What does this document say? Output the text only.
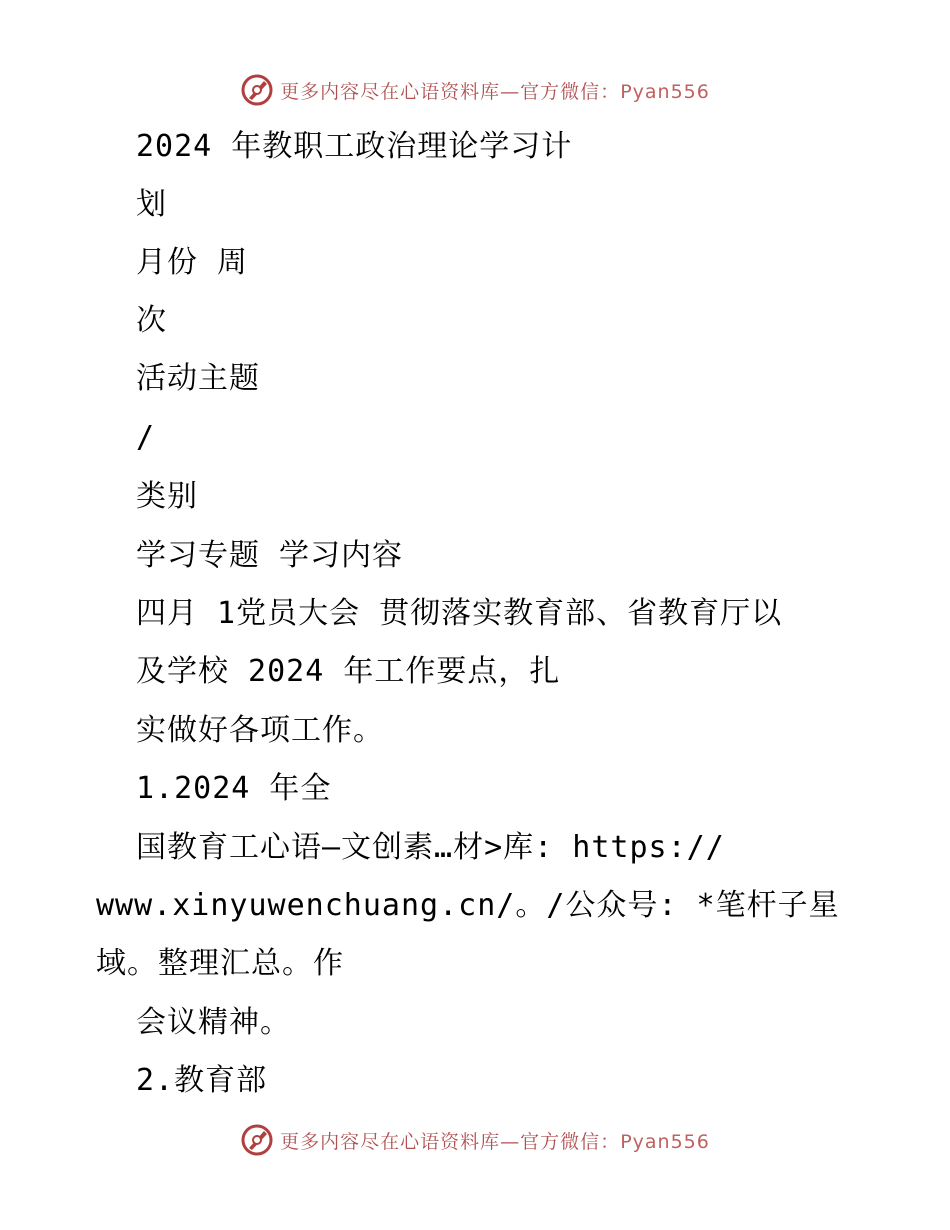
更多内容尽在心语资料库—官方微信：Pyan556
2024 年教职工政治理论学习计
划
月份 周
次
活动主题
/
类别
学习专题 学习内容
四月 1党员大会 贯彻落实教育部、省教育厅以
及学校 2024 年工作要点，扎
实做好各项工作。
1.2024 年全
国教育工心语—文创素…材>库: https://
www.xinyuwenchuang.cn/。/公众号: *笔杆子星
域。整理汇总。作
会议精神。
2.教育部
更多内容尽在心语资料库—官方微信：Pyan556
